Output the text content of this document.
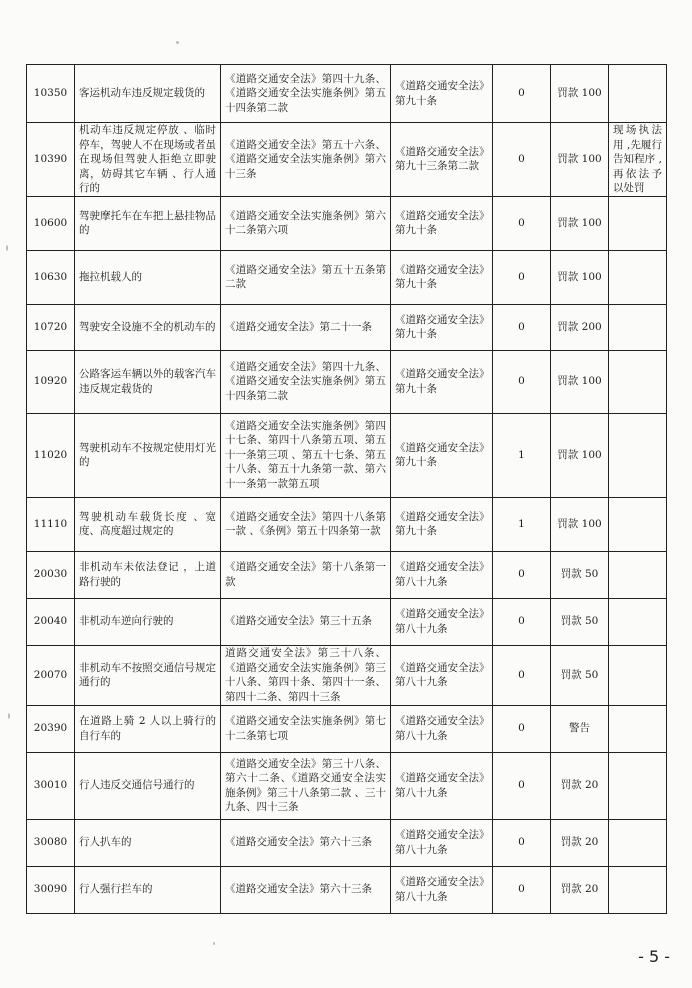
10350	客运机动车违反规定载货的	《道路交通安全法》第四十九条、《道路交通安全法实施条例》第五十四条第二款	《道路交通安全法》第九十条	0	罚款 100	
10390	机动车违反规定停放 、临时停车，驾驶人不在现场或者虽在现场但驾驶人拒绝立即驶离，妨碍其它车辆 、行人通行的	《道路交通安全法》第五十六条、《道路交通安全法实施条例》第六十三条	《道路交通安全法》第九十三条第二款	0	罚款 100	现场执法用 ,先履行告知程序 ,再依法予以处罚
10600	驾驶摩托车在车把上悬挂物品的	《道路交通安全法实施条例》第六十二条第六项	《道路交通安全法》第九十条	0	罚款 100	
10630	拖拉机载人的	《道路交通安全法》第五十五条第二款	《道路交通安全法》第九十条	0	罚款 100	
10720	驾驶安全设施不全的机动车的	《道路交通安全法》第二十一条	《道路交通安全法》第九十条	0	罚款 200	
10920	公路客运车辆以外的载客汽车违反规定载货的	《道路交通安全法》第四十九条、《道路交通安全法实施条例》第五十四条第二款	《道路交通安全法》第九十条	0	罚款 100	
11020	驾驶机动车不按规定使用灯光的	《道路交通安全法实施条例》第四十七条、第四十八条第五项、第五十一条第三项 、第五十七条、第五十八条、第五十九条第一款、第六十一条第一款第五项	《道路交通安全法》第九十条	1	罚款 100	
11110	驾驶机动车载货长度 、宽度、高度超过规定的	《道路交通安全法》第四十八条第一款 、《条例》第五十四条第一款	《道路交通安全法》第九十条	1	罚款 100	
20030	非机动车未依法登记 ，上道路行驶的	《道路交通安全法》第十八条第一款	《道路交通安全法》第八十九条	0	罚款 50	
20040	非机动车逆向行驶的	《道路交通安全法》第三十五条	《道路交通安全法》第八十九条	0	罚款 50	
20070	非机动车不按照交通信号规定通行的	道路交通安全法》第三十八条、《道路交通安全法实施条例》第三十八条、第四十条、第四十一条、第四十二条、第四十三条	《道路交通安全法》第八十九条	0	罚款 50	
20390	在道路上骑 2 人以上骑行的自行车的	《道路交通安全法实施条例》第七十二条第七项	《道路交通安全法》第八十九条	0	警告	
30010	行人违反交通信号通行的	《道路交通安全法》第三十八条、第六十二条、《道路交通安全法实施条例》第三十八条第二款 、三十九条、四十三条	《道路交通安全法》第八十九条	0	罚款 20	
30080	行人扒车的	《道路交通安全法》第六十三条	《道路交通安全法》第八十九条	0	罚款 20	
30090	行人强行拦车的	《道路交通安全法》第六十三条	《道路交通安全法》第八十九条	0	罚款 20	
- 5 -
